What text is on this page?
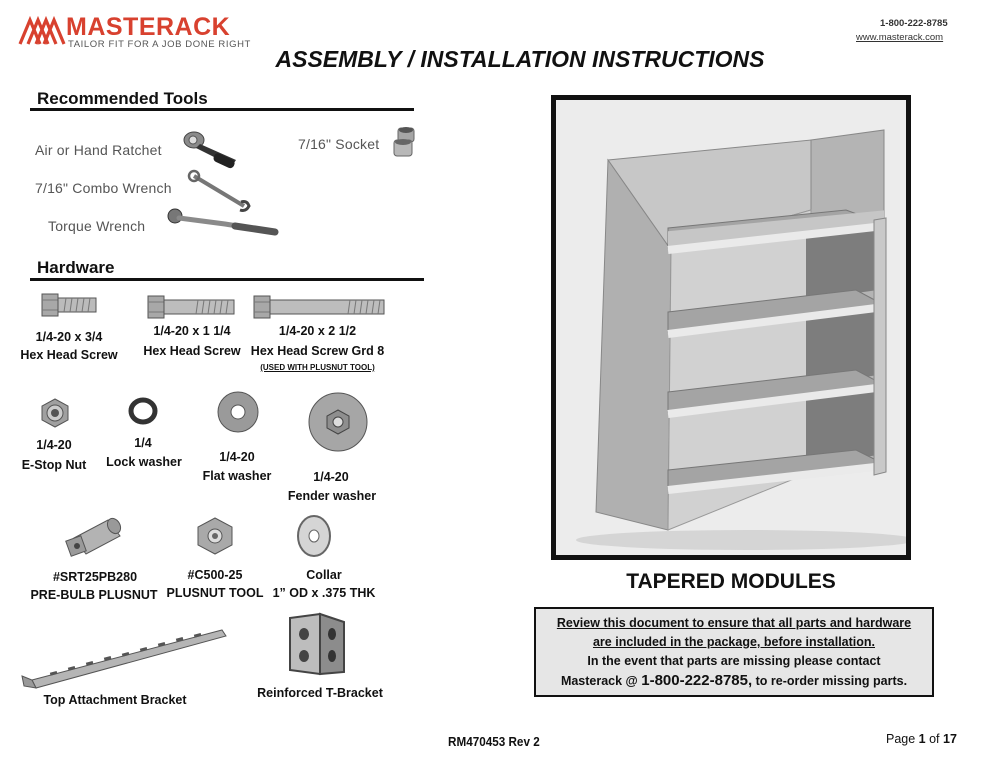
MASTERACK
TAILOR FIT FOR A JOB DONE RIGHT
1-800-222-8785
www.masterack.com
ASSEMBLY / INSTALLATION INSTRUCTIONS
Recommended Tools
Air or Hand Ratchet	7/16" Socket
7/16" Combo Wrench
Torque Wrench
Hardware
1/4-20 x 3/4
Hex Head Screw
1/4-20 x 1 1/4
Hex Head Screw
1/4-20 x 2 1/2
Hex Head Screw Grd 8
(USED WITH PLUSNUT TOOL)
1/4-20
E-Stop Nut
1/4
Lock washer	1/4-20
Flat washer	1/4-20
Fender washer
#SRT25PB280
PRE-BULB PLUSNUT
#C500-25
PLUSNUT TOOL
Collar
1” OD x .375 THK
Top Attachment Bracket	Reinforced T-Bracket
TAPERED MODULES
Review this document to ensure that all parts and hardware
are included in the package, before installation.
In the event that parts are missing please contact
Masterack @ 1-800-222-8785, to re-order missing parts.
RM470453 Rev 2	Page 1 of 17
